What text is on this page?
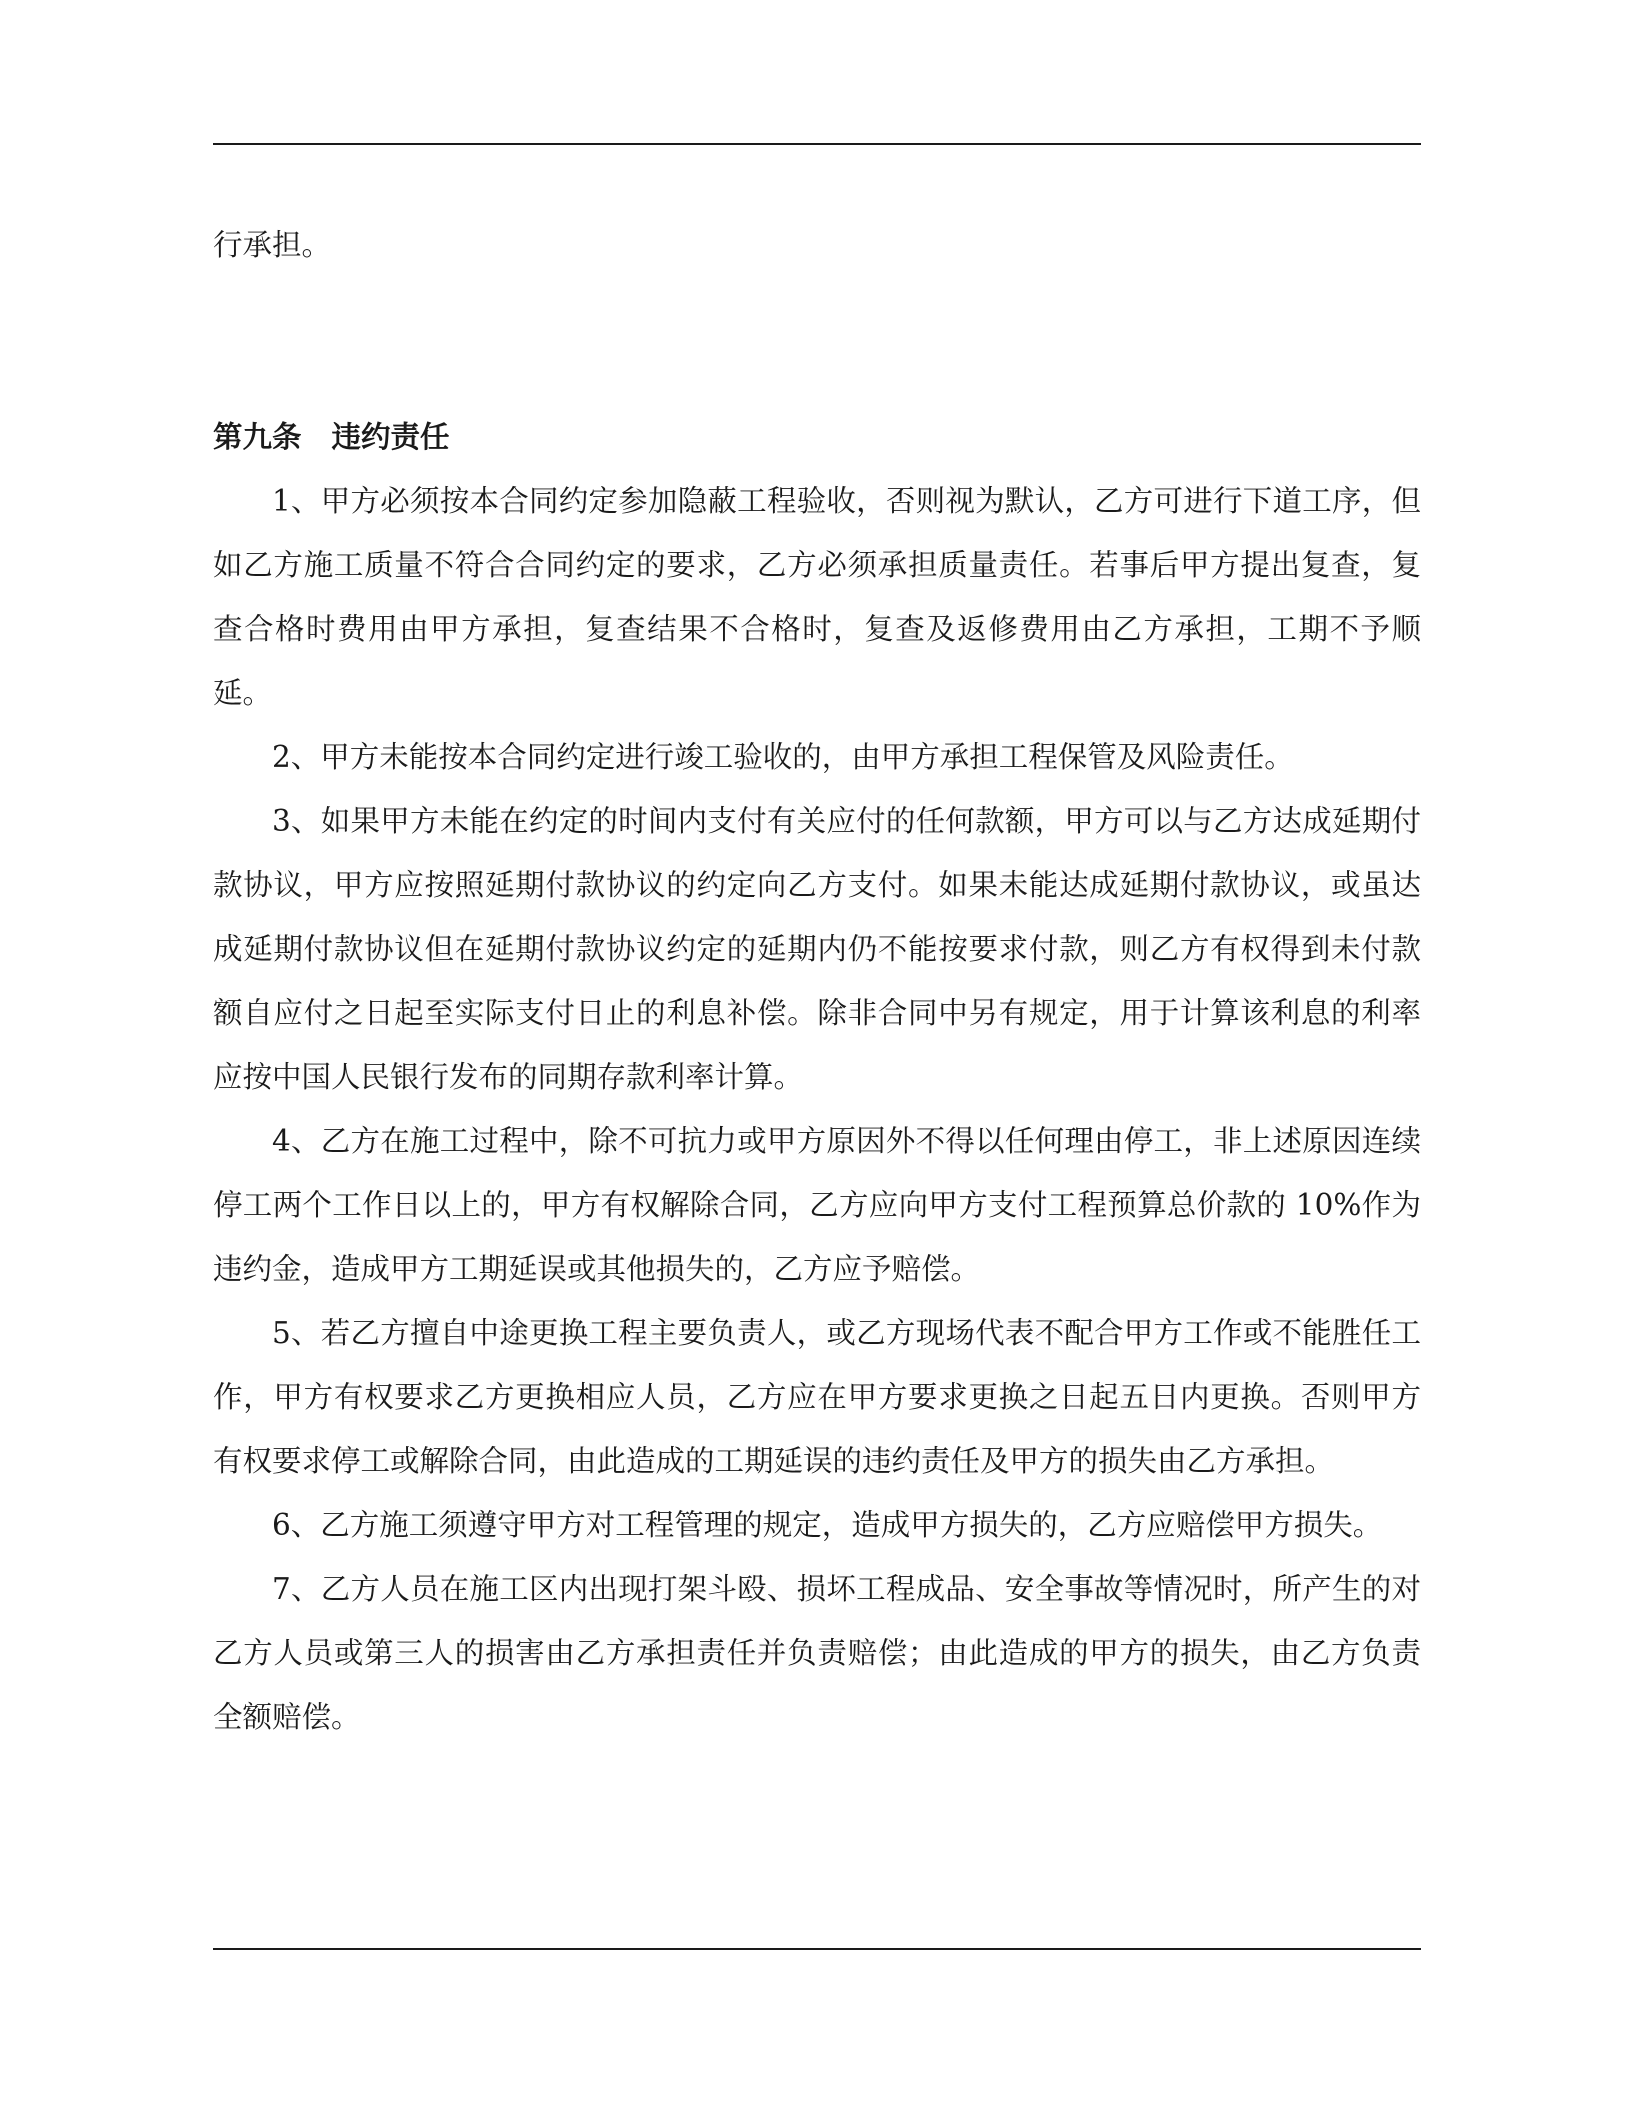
行承担。

第九条 违约责任

1、甲方必须按本合同约定参加隐蔽工程验收，否则视为默认，乙方可进行下道工序，但如乙方施工质量不符合合同约定的要求，乙方必须承担质量责任。若事后甲方提出复查，复查合格时费用由甲方承担，复查结果不合格时，复查及返修费用由乙方承担，工期不予顺延。

2、甲方未能按本合同约定进行竣工验收的，由甲方承担工程保管及风险责任。

3、如果甲方未能在约定的时间内支付有关应付的任何款额，甲方可以与乙方达成延期付款协议，甲方应按照延期付款协议的约定向乙方支付。如果未能达成延期付款协议，或虽达成延期付款协议但在延期付款协议约定的延期内仍不能按要求付款，则乙方有权得到未付款额自应付之日起至实际支付日止的利息补偿。除非合同中另有规定，用于计算该利息的利率应按中国人民银行发布的同期存款利率计算。

4、乙方在施工过程中，除不可抗力或甲方原因外不得以任何理由停工，非上述原因连续停工两个工作日以上的，甲方有权解除合同，乙方应向甲方支付工程预算总价款的 10%作为违约金，造成甲方工期延误或其他损失的，乙方应予赔偿。

5、若乙方擅自中途更换工程主要负责人，或乙方现场代表不配合甲方工作或不能胜任工作，甲方有权要求乙方更换相应人员，乙方应在甲方要求更换之日起五日内更换。否则甲方有权要求停工或解除合同，由此造成的工期延误的违约责任及甲方的损失由乙方承担。

6、乙方施工须遵守甲方对工程管理的规定，造成甲方损失的，乙方应赔偿甲方损失。

7、乙方人员在施工区内出现打架斗殴、损坏工程成品、安全事故等情况时，所产生的对乙方人员或第三人的损害由乙方承担责任并负责赔偿；由此造成的甲方的损失，由乙方负责全额赔偿。
